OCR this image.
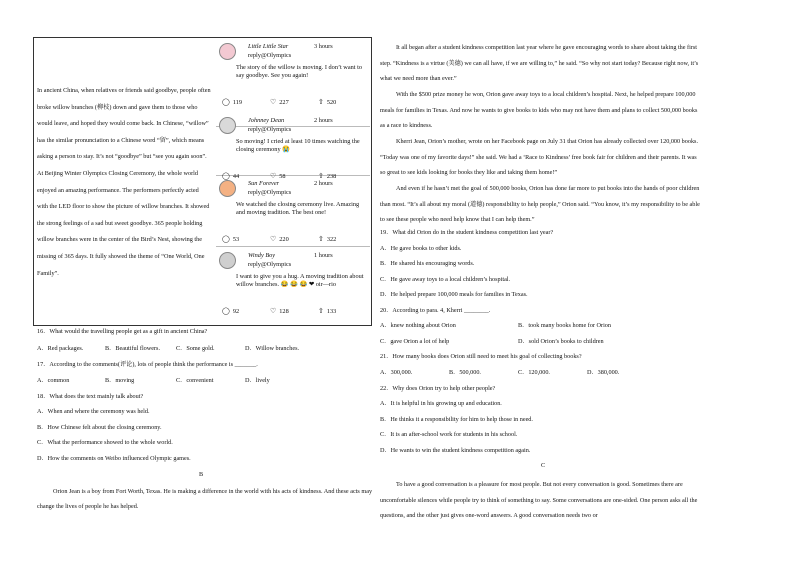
In ancient China, when relatives or friends said goodbye, people often broke willow branches (柳枝) down and gave them to those who would leave, and hoped they would come back. In Chinese, “willow” has the similar pronunciation to a Chinese word “留”, which means asking a person to stay. It’s not “goodbye” but “see you again soon”. At Beijing Winter Olympics Closing Ceremony, the whole world enjoyed an amazing performance. The performers perfectly acted with the LED floor to show the picture of willow branches. It showed the strong feelings of a sad but sweet goodbye. 365 people holding willow branches were in the center of the Bird’s Nest, showing the missing of 365 days. It fully showed the theme of “One World, One Family”.
Little Little Star	3 hours
reply@Olympics
The story of the willow is moving. I don’t want to say goodbye. See you again!
◯ 119	♡ 227	⇧ 520
Johnney Dean	2 hours
reply@Olympics
So moving! I cried at least 10 times watching the closing ceremony 😭
◯ 44	♡ 58	⇧ 238
Sun Forever	2 hours
reply@Olympics
We watched the closing ceremony live. Amazing and moving tradition. The best one!
◯ 53	♡ 220	⇧ 322
Windy Boy	1 hours
reply@Olympics
I want to give you a hug. A moving tradition about willow branches. 😂 😂 😂 ❤ oir—rio
◯ 92	♡ 128	⇧ 133
16．What would the travelling people get as a gift in ancient China?
A．Red packages.	B．Beautiful flowers.	C．Some gold.	D．Willow branches.
17．According to the comments(评论), lots of people think the performance is _______.
A．common	B．moving	C．convenient	D．lively
18．What does the text mainly talk about?
A．When and where the ceremony was held.
B．How Chinese felt about the closing ceremony.
C．What the performance showed to the whole world.
D．How the comments on Weibo influenced Olympic games.
B
Orion Jean is a boy from Fort Worth, Texas. He is making a difference in the world with his acts of kindness. And these acts may change the lives of people he has helped.
It all began after a student kindness competition last year where he gave encouraging words to share about taking the first step. “Kindness is a virtue (美德) we can all have, if we are willing to,” he said. “So why not start today? Because right now, it’s what we need more than ever.”
With the $500 prize money he won, Orion gave away toys to a local children’s hospital. Next, he helped prepare 100,000 meals for families in Texas. And now he wants to give books to kids who may not have them and plans to collect 500,000 books as a race to kindness.
Kherri Jean, Orion’s mother, wrote on her Facebook page on July 31 that Orion has already collected over 120,000 books. “Today was one of my favorite days!” she said. We had a ‘Race to Kindness’ free book fair for children and their parents. It was so great to see kids looking for books they like and taking them home!”
And even if he hasn’t met the goal of 500,000 books, Orion has done far more to put books into the hands of poor children than most. “It’s all about my moral (道德) responsibility to help people,” Orion said. “You know, it’s my responsibility to be able to see these people who need help know that I can help them.”
19．What did Orion do in the student kindness competition last year?
A．He gave books to other kids.
B．He shared his encouraging words.
C．He gave away toys to a local children’s hospital.
D．He helped prepare 100,000 meals for families in Texas.
20．According to para. 4, Kherri ________.
A．knew nothing about Orion	B．took many books home for Orion
C．gave Orion a lot of help	D．sold Orion’s books to children
21．How many books does Orion still need to meet his goal of collecting books?
A．300,000.	B．500,000.	C．120,000.	D．380,000.
22．Why does Orion try to help other people?
A．It is helpful in his growing up and education.
B．He thinks it a responsibility for him to help those in need.
C．It is an after-school work for students in his school.
D．He wants to win the student kindness competition again.
C
To have a good conversation is a pleasure for most people. But not every conversation is good. Sometimes there are uncomfortable silences while people try to think of something to say. Some conversations are one-sided. One person asks all the questions, and the other just gives one-word answers. A good conversation needs two or
